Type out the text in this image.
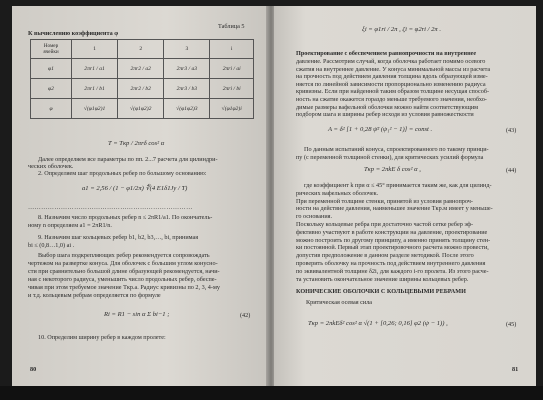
К вычислению коэффициента φ
Таблица 5
Номер
ячейки	1	2	3	i
φ1	2πr1 / a1	2πr2 / a2	2πr3 / a3	2πri / ai
φ2	2πr1 / b1	2πr2 / b2	2πr3 / b3	2πri / bi
φ	√(φ1φ2)1	√(φ1φ2)2	√(φ1φ2)3	√(φ1φ2)i
T = Tкр / 2πrδ cos² α
Далее определяем все параметры по пп. 2...7 расчета для цилиндри-
ческих оболочек.
2. Определяем шаг продольных ребер по большому основанию:
a1 = 2,56 / (1 − φ1/2π) ∜(4 E1δ1Jy / T)
…………………………………………………………………
8. Назначим число продольных ребер n ≤ 2πR1/a1. По окончатель-
ному n определяем a1 = 2πR1/n.
9. Назначим шаг кольцевых ребер b1, b2, b3,…, bi, принимая
bi ≤ (0,8…1,0) ai .
Выбор шага подкрепляющих ребер рекомендуется сопровождать
чертежом на развертке конуса. Для оболочек с большим углом конусно-
сти при сравнительно большой длине образующей рекомендуется, начи-
ная с некоторого радиуса, уменьшить число продольных ребер, обеспе-
чивая при этом требуемое значение Tкр.а. Радиус кривизны по 2, 3, 4-му
и т.д. кольцевым ребрам определяется по формуле
Ri = R1 − sin α Σ bi−1 ;	(42)
10. Определим ширину ребер в каждом пролете:
80
ξi = φ1ri / 2π , ζi = φ2ri / 2π .
Проектирование с обеспечением равнопрочности на внутреннее
давление. Рассмотрим случай, когда оболочка работает помимо осевого
сжатия на внутреннее давление. У конуса минимальной массы из расчета
на прочность под действием давления толщина вдоль образующей изме-
няется по линейной зависимости пропорционально изменению радиуса
кривизны. Если при найденной таким образом толщине несущая способ-
ность на сжатие окажется гораздо меньше требуемого значения, необхо-
димые размеры вафельной оболочки можно найти соответствующим
подбором шага и ширины ребер исходя из условия равножесткости
A = δ² [1 + 0,28 ψ̄² (ψ₁² − 1)] = const .	(43)
По данным испытаний конуса, спроектированного по такому принци-
пу (с переменной толщиной стенки), для критических усилий формула
Tкр = 2πkE δ cos² α ,	(44)
где коэффициент k при α ≤ 45° принимается таким же, как для цилинд-
рических вафельных оболочек.
При переменной толщине стенки, принятой из условия равнопроч-
ности на действие давления, наименьшее значение Tкр.м имеет у меньше-
го основания.
Поскольку кольцевые ребра при достаточно частой сетке ребер эф-
фективно участвуют в работе конструкции на давление, проектирование
можно построить по другому принципу, а именно принять толщину стен-
ки постоянной. Первый этап проектировочного расчета можно провести,
допустив предположение в данном разделе методикой. После этого
проверить оболочку на прочность под действием внутреннего давления
по эквивалентной толщине δ2i, для каждого i-го пролета. Из этого расче-
та установить окончательное значение ширины кольцевых ребер.
КОНИЧЕСКИЕ ОБОЛОЧКИ С КОЛЬЦЕВЫМИ РЕБРАМИ
Критическая осевая сила
Tкр = 2πkEδ² cos² α √(1 + [0,26; 0,16] φ2 (ψ − 1)) ,	(45)
81
